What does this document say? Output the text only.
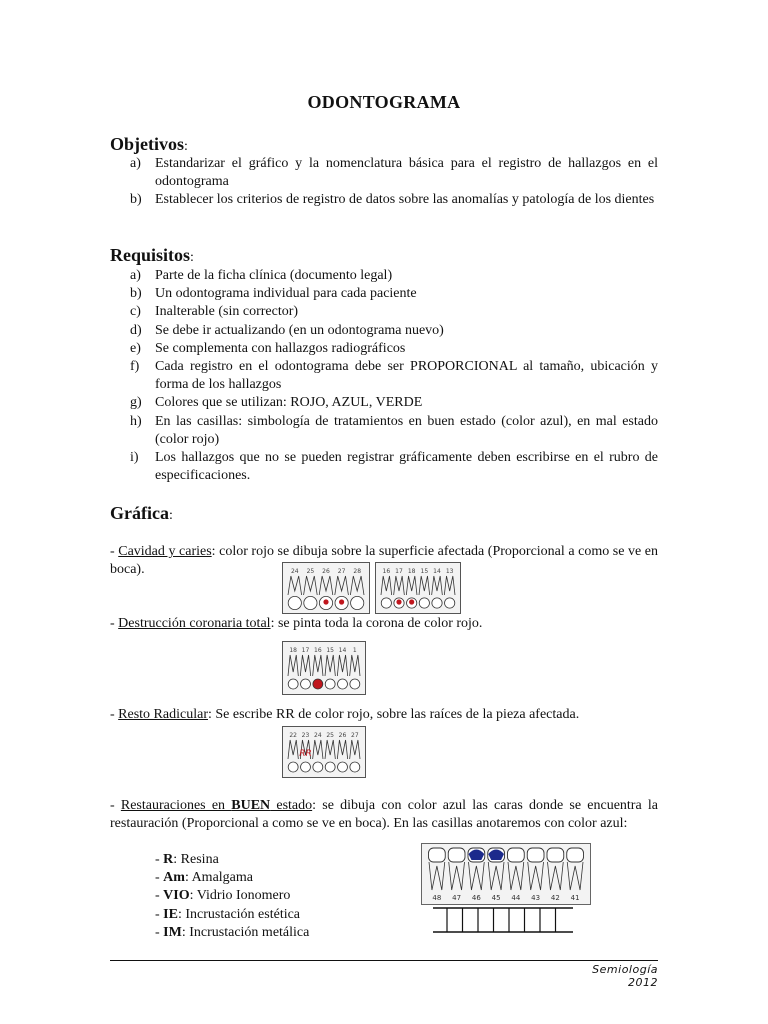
ODONTOGRAMA
Objetivos:
a) Estandarizar el gráfico y la nomenclatura básica para el registro de hallazgos en el odontograma
b) Establecer los criterios de registro de datos sobre las anomalías y patología de los dientes
Requisitos:
a) Parte de la ficha clínica (documento legal)
b) Un odontograma individual para cada paciente
c) Inalterable (sin corrector)
d) Se debe ir actualizando (en un odontograma nuevo)
e) Se complementa con hallazgos radiográficos
f) Cada registro en el odontograma debe ser PROPORCIONAL al tamaño, ubicación y forma de los hallazgos
g) Colores que se utilizan: ROJO, AZUL, VERDE
h) En las casillas: simbología de tratamientos en buen estado (color azul), en mal estado (color rojo)
i) Los hallazgos que no se pueden registrar gráficamente deben escribirse en el rubro de especificaciones.
Gráfica:
- Cavidad y caries: color rojo se dibuja sobre la superficie afectada (Proporcional a como se ve en boca).	24 25 26 27 28	16 17 18 15 14 13
- Destrucción coronaria total: se pinta toda la corona de color rojo.
18 17 16 15 14 1
- Resto Radicular: Se escribe RR de color rojo, sobre las raíces de la pieza afectada.
22 23
RR
24 25 26 27
- Restauraciones en BUEN estado: se dibuja con color azul las caras donde se encuentra la restauración (Proporcional a como se ve en boca). En las casillas anotaremos con color azul:
- R: Resina
- Am: Amalgama
- VIO: Vidrio Ionomero
- IE: Incrustación estética
- IM: Incrustación metálica
48 47 46 45 44 43 42 41
Semiología 2012
